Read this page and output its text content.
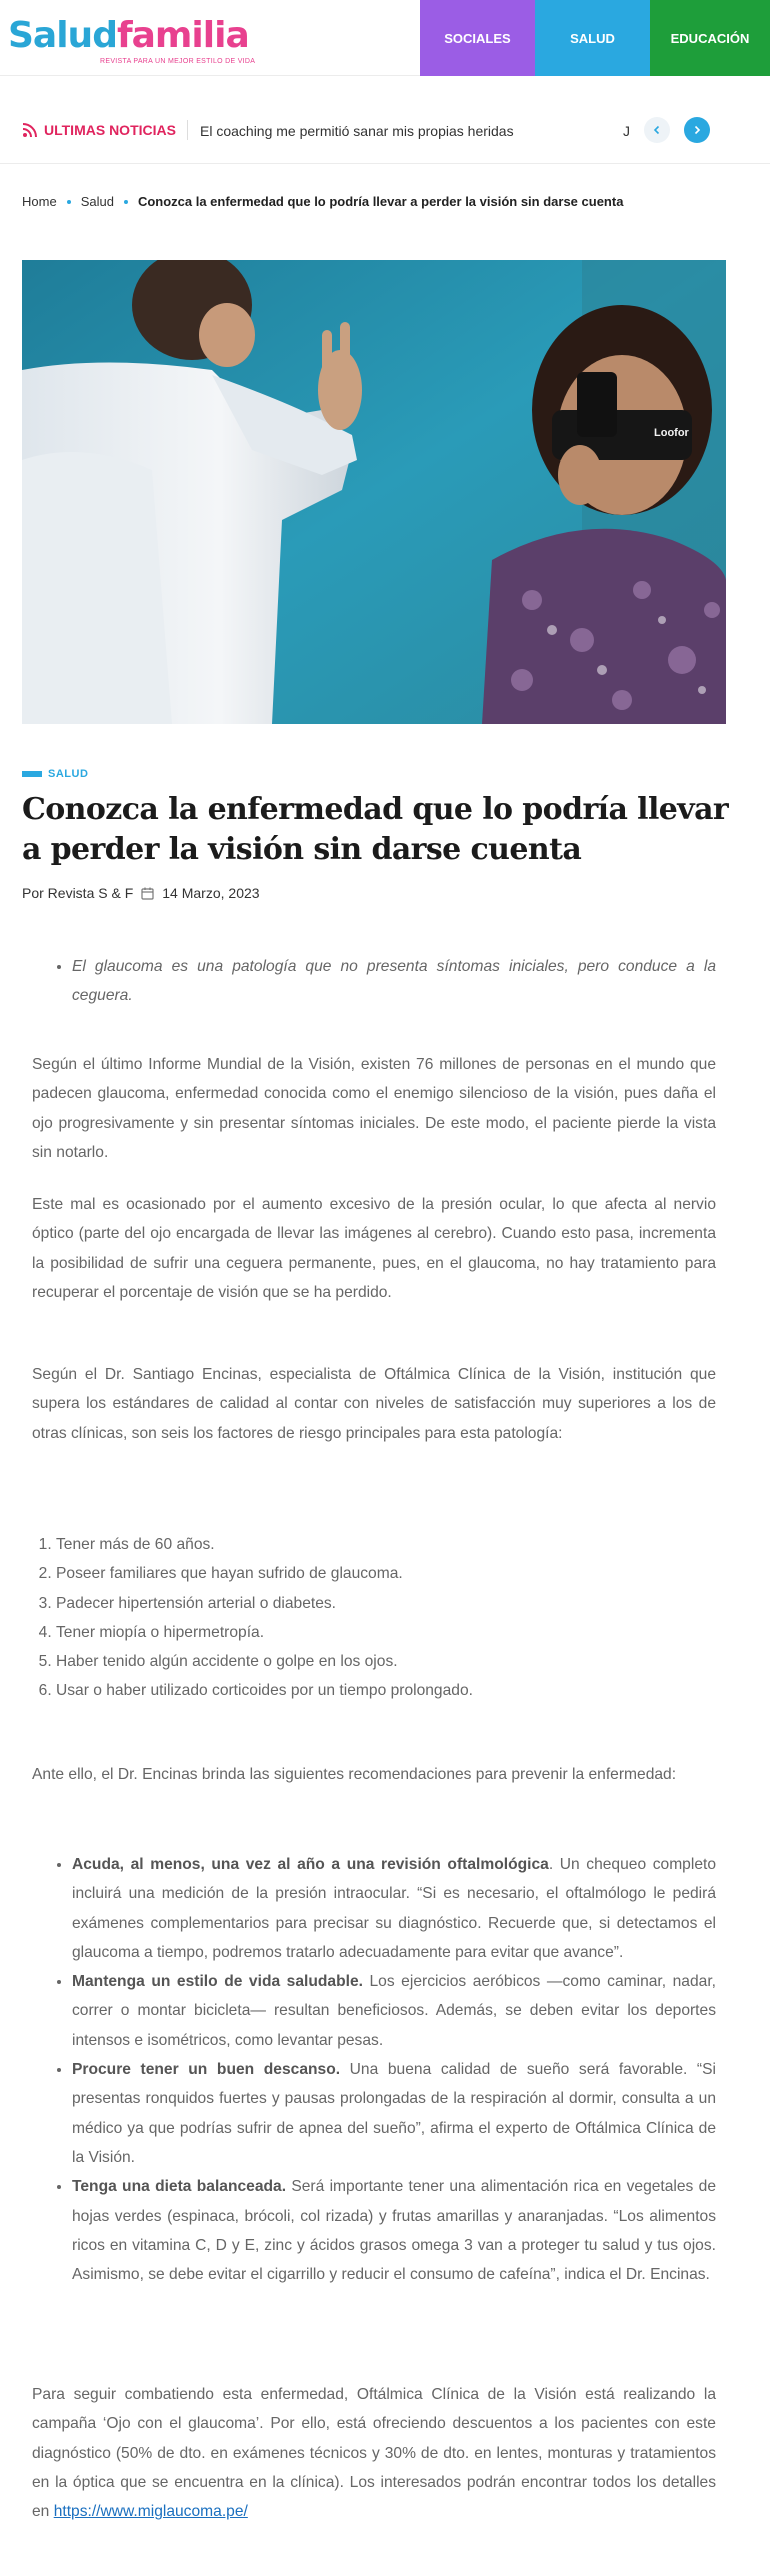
Saludfamilia
REVISTA PARA UN MEJOR ESTILO DE VIDA
SOCIALES	SALUD	EDUCACIÓN
ULTIMAS NOTICIAS El coaching me permitió sanar mis propias heridas	J
Home Salud Conozca la enfermedad que lo podría llevar a perder la visión sin darse cuenta
Loofor
SALUD
Conozca la enfermedad que lo podría llevar a perder la visión sin darse cuenta
Por Revista S & F 14 Marzo, 2023
• El glaucoma es una patología que no presenta síntomas iniciales, pero conduce a la ceguera.

Según el último Informe Mundial de la Visión, existen 76 millones de personas en el mundo que padecen glaucoma, enfermedad conocida como el enemigo silencioso de la visión, pues daña el ojo progresivamente y sin presentar síntomas iniciales. De este modo, el paciente pierde la vista sin notarlo.

Este mal es ocasionado por el aumento excesivo de la presión ocular, lo que afecta al nervio óptico (parte del ojo encargada de llevar las imágenes al cerebro). Cuando esto pasa, incrementa la posibilidad de sufrir una ceguera permanente, pues, en el glaucoma, no hay tratamiento para recuperar el porcentaje de visión que se ha perdido.

Según el Dr. Santiago Encinas, especialista de Oftálmica Clínica de la Visión, institución que supera los estándares de calidad al contar con niveles de satisfacción muy superiores a los de otras clínicas, son seis los factores de riesgo principales para esta patología:

1. Tener más de 60 años.
2. Poseer familiares que hayan sufrido de glaucoma.
3. Padecer hipertensión arterial o diabetes.
4. Tener miopía o hipermetropía.
5. Haber tenido algún accidente o golpe en los ojos.
6. Usar o haber utilizado corticoides por un tiempo prolongado.

Ante ello, el Dr. Encinas brinda las siguientes recomendaciones para prevenir la enfermedad:

• Acuda, al menos, una vez al año a una revisión oftalmológica. Un chequeo completo incluirá una medición de la presión intraocular. “Si es necesario, el oftalmólogo le pedirá exámenes complementarios para precisar su diagnóstico. Recuerde que, si detectamos el glaucoma a tiempo, podremos tratarlo adecuadamente para evitar que avance”.
• Mantenga un estilo de vida saludable. Los ejercicios aeróbicos —como caminar, nadar, correr o montar bicicleta— resultan beneficiosos. Además, se deben evitar los deportes intensos e isométricos, como levantar pesas.
• Procure tener un buen descanso. Una buena calidad de sueño será favorable. “Si presentas ronquidos fuertes y pausas prolongadas de la respiración al dormir, consulta a un médico ya que podrías sufrir de apnea del sueño”, afirma el experto de Oftálmica Clínica de la Visión.
• Tenga una dieta balanceada. Será importante tener una alimentación rica en vegetales de hojas verdes (espinaca, brócoli, col rizada) y frutas amarillas y anaranjadas. “Los alimentos ricos en vitamina C, D y E, zinc y ácidos grasos omega 3 van a proteger tu salud y tus ojos. Asimismo, se debe evitar el cigarrillo y reducir el consumo de cafeína”, indica el Dr. Encinas.

Para seguir combatiendo esta enfermedad, Oftálmica Clínica de la Visión está realizando la campaña ‘Ojo con el glaucoma’. Por ello, está ofreciendo descuentos a los pacientes con este diagnóstico (50% de dto. en exámenes técnicos y 30% de dto. en lentes, monturas y tratamientos en la óptica que se encuentra en la clínica). Los interesados podrán encontrar todos los detalles en https://www.miglaucoma.pe/
